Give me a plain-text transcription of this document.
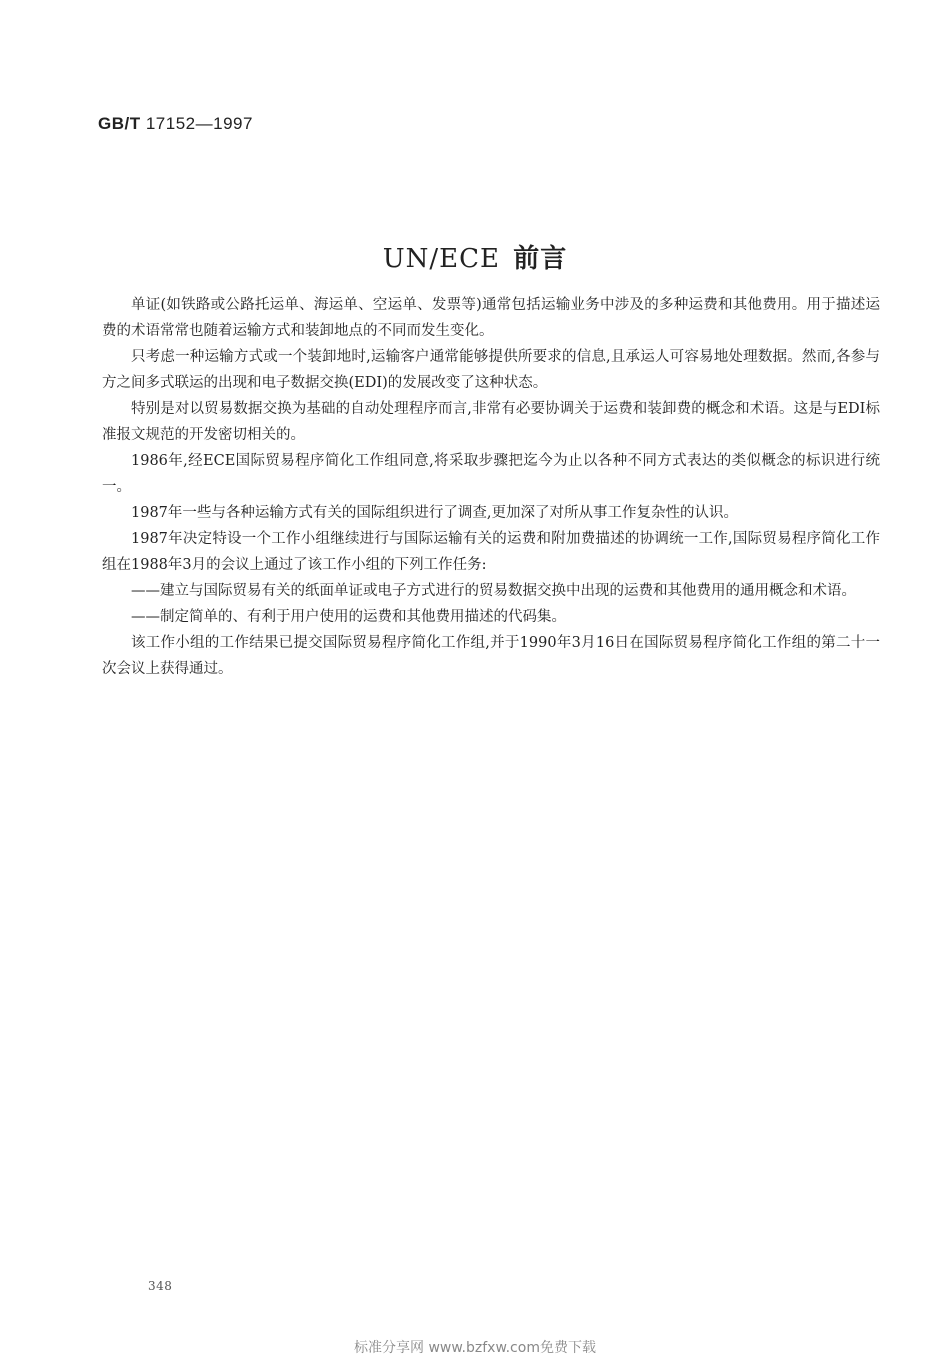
GB/T 17152—1997
UN/ECE 前言

单证(如铁路或公路托运单、海运单、空运单、发票等)通常包括运输业务中涉及的多种运费和其他费用。用于描述运费的术语常常也随着运输方式和装卸地点的不同而发生变化。

只考虑一种运输方式或一个装卸地时,运输客户通常能够提供所要求的信息,且承运人可容易地处理数据。然而,各参与方之间多式联运的出现和电子数据交换(EDI)的发展改变了这种状态。

特别是对以贸易数据交换为基础的自动处理程序而言,非常有必要协调关于运费和装卸费的概念和术语。这是与EDI标准报文规范的开发密切相关的。

1986年,经ECE国际贸易程序简化工作组同意,将采取步骤把迄今为止以各种不同方式表达的类似概念的标识进行统一。

1987年一些与各种运输方式有关的国际组织进行了调查,更加深了对所从事工作复杂性的认识。

1987年决定特设一个工作小组继续进行与国际运输有关的运费和附加费描述的协调统一工作,国际贸易程序简化工作组在1988年3月的会议上通过了该工作小组的下列工作任务:

——建立与国际贸易有关的纸面单证或电子方式进行的贸易数据交换中出现的运费和其他费用的通用概念和术语。

——制定简单的、有利于用户使用的运费和其他费用描述的代码集。

该工作小组的工作结果已提交国际贸易程序简化工作组,并于1990年3月16日在国际贸易程序简化工作组的第二十一次会议上获得通过。

348
标准分享网 www.bzfxw.com免费下载
